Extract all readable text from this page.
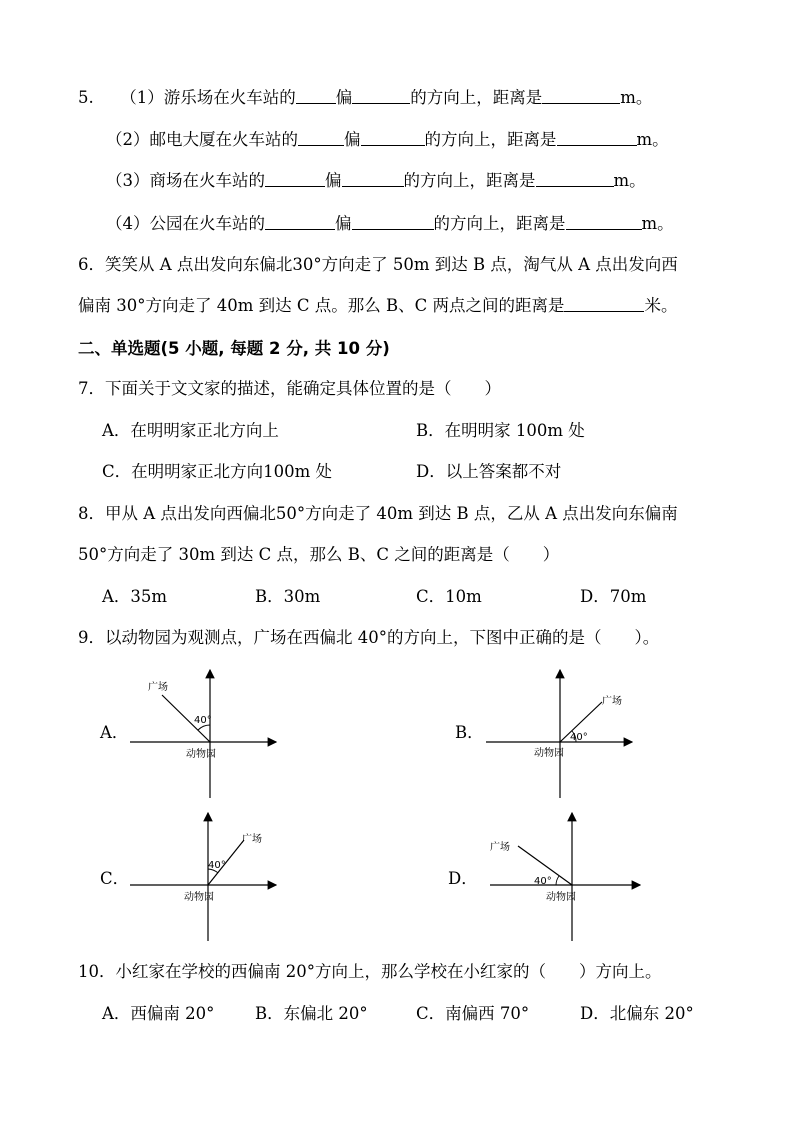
5. （1）游乐场在火车站的 偏	的方向上，距离是	m。
（2）邮电大厦在火车站的	偏	的方向上，距离是	m。
（3）商场在火车站的	偏	的方向上，距离是	m。
（4）公园在火车站的	偏	的方向上，距离是	m。
6．笑笑从 A 点出发向东偏北30°方向走了 50m 到达 B 点，淘气从 A 点出发向西
偏南 30°方向走了 40m 到达 C 点。那么 B、C 两点之间的距离是	米。
二、单选题(5 小题, 每题 2 分, 共 10 分)
7．下面关于文文家的描述，能确定具体位置的是（　　）
A．在明明家正北方向上	B．在明明家 100m 处
C．在明明家正北方向100m 处	D．以上答案都不对
8．甲从 A 点出发向西偏北50°方向走了 40m 到达 B 点，乙从 A 点出发向东偏南
50°方向走了 30m 到达 C 点，那么 B、C 之间的距离是（　　）
A．35m	B．30m	C．10m	D．70m
9．以动物园为观测点，广场在西偏北 40°的方向上，下图中正确的是（　　）。
A．
40°
广场
动物园
B．	40°
广场
动物园
C．
40°
广场
动物园
D．	40°
广场
动物园
10．小红家在学校的西偏南 20°方向上，那么学校在小红家的（　　）方向上。
A．西偏南 20° B．东偏北 20°	C．南偏西 70°	D．北偏东 20°
